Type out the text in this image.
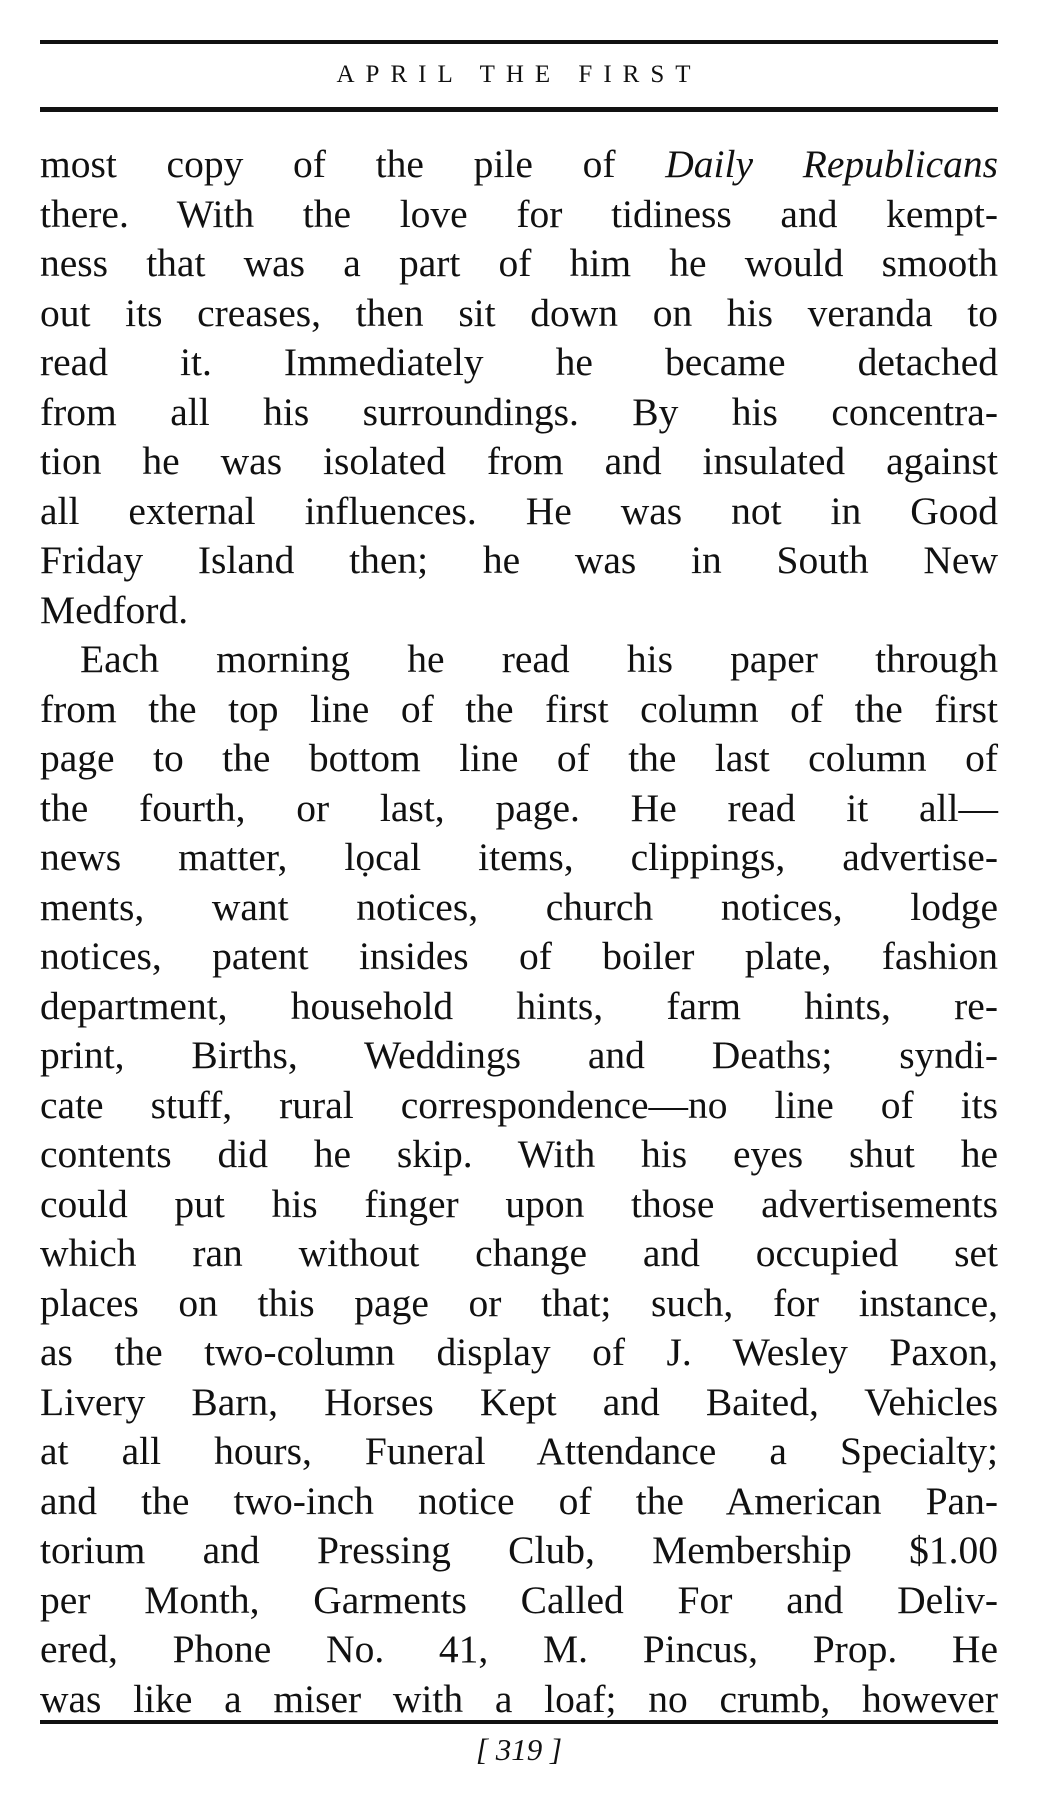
APRIL THE FIRST
most copy of the pile of Daily Republicans
there. With the love for tidiness and kempt-
ness that was a part of him he would smooth
out its creases, then sit down on his veranda to
read it. Immediately he became detached
from all his surroundings. By his concentra-
tion he was isolated from and insulated against
all external influences. He was not in Good
Friday Island then; he was in South New
Medford.
Each morning he read his paper through
from the top line of the first column of the first
page to the bottom line of the last column of
the fourth, or last, page. He read it all—
news matter, lọcal items, clippings, advertise-
ments, want notices, church notices, lodge
notices, patent insides of boiler plate, fashion
department, household hints, farm hints, re-
print, Births, Weddings and Deaths; syndi-
cate stuff, rural correspondence—no line of its
contents did he skip. With his eyes shut he
could put his finger upon those advertisements
which ran without change and occupied set
places on this page or that; such, for instance,
as the two-column display of J. Wesley Paxon,
Livery Barn, Horses Kept and Baited, Vehicles
at all hours, Funeral Attendance a Specialty;
and the two-inch notice of the American Pan-
torium and Pressing Club, Membership $1.00
per Month, Garments Called For and Deliv-
ered, Phone No. 41, M. Pincus, Prop. He
was like a miser with a loaf; no crumb, however
[ 319 ]
